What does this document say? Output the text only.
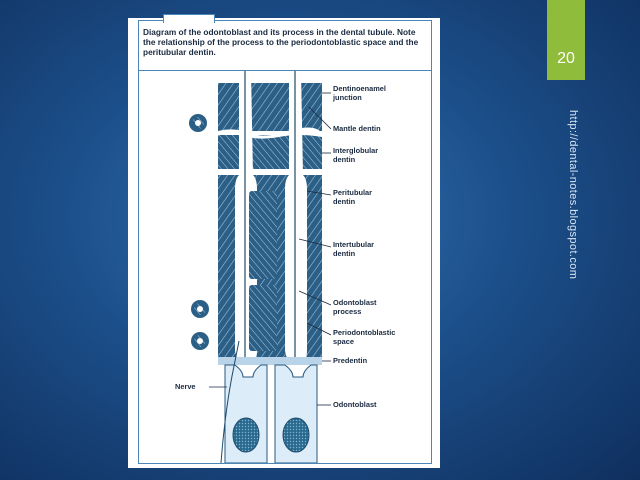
20
http://dental-notes.blogspot.com
Diagram of the odontoblast and its process in the dental tubule. Note the relationship of the process to the periodontoblastic space and the peritubular dentin.
Dentinoenamel junction
Mantle dentin
Interglobular dentin
Peritubular dentin
Intertubular dentin
Odontoblast process
Periodontoblastic space
Predentin
Nerve
Odontoblast
